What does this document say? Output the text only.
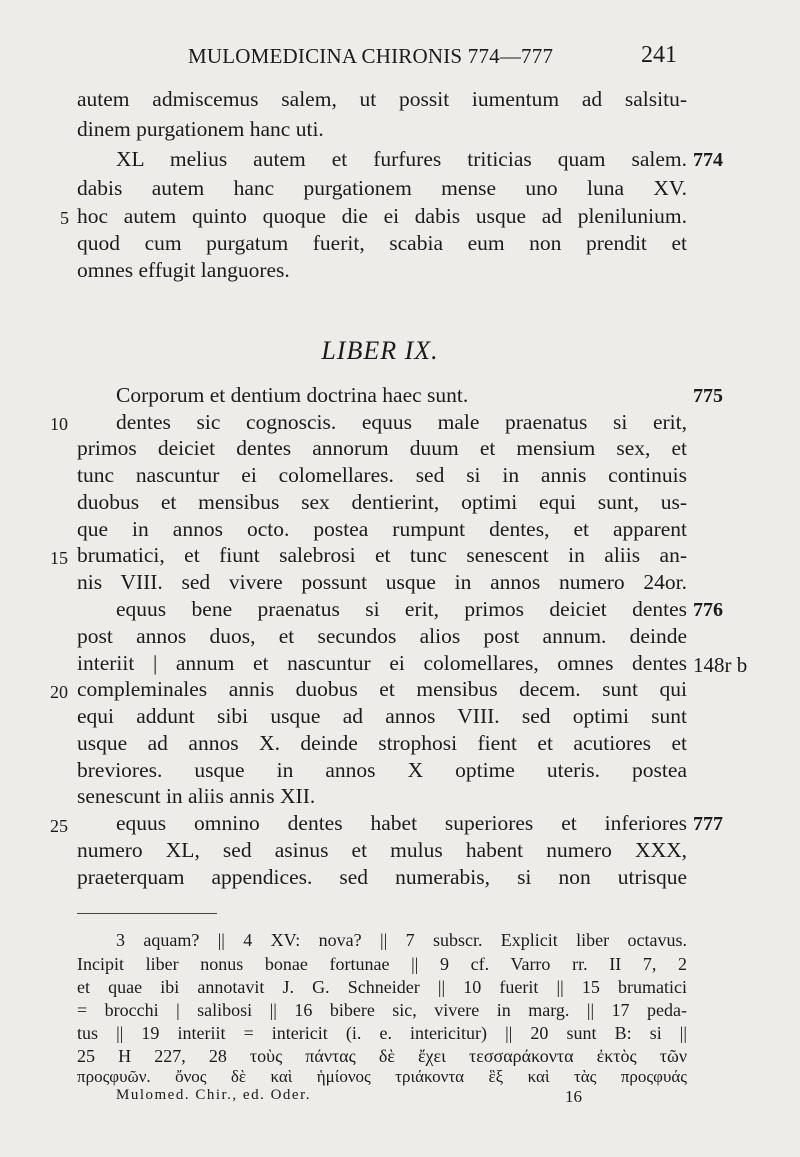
MULOMEDICINA CHIRONIS 774—777	241
autem admiscemus salem, ut possit iumentum ad salsitu-
dinem purgationem hanc uti.
XL melius autem et furfures triticias quam salem.
dabis autem hanc purgationem mense uno luna XV.
hoc autem quinto quoque die ei dabis usque ad plenilunium.
quod cum purgatum fuerit, scabia eum non prendit et
omnes effugit languores.
LIBER IX.
Corporum et dentium doctrina haec sunt.
dentes sic cognoscis. equus male praenatus si erit,
primos deiciet dentes annorum duum et mensium sex, et
tunc nascuntur ei colomellares. sed si in annis continuis
duobus et mensibus sex dentierint, optimi equi sunt, us-
que in annos octo. postea rumpunt dentes, et apparent
brumatici, et fiunt salebrosi et tunc senescent in aliis an-
nis VIII. sed vivere possunt usque in annos numero 24or.
equus bene praenatus si erit, primos deiciet dentes
post annos duos, et secundos alios post annum. deinde
interiit | annum et nascuntur ei colomellares, omnes dentes
compleminales annis duobus et mensibus decem. sunt qui
equi addunt sibi usque ad annos VIII. sed optimi sunt
usque ad annos X. deinde strophosi fient et acutiores et
breviores. usque in annos X optime uteris. postea
senescunt in aliis annis XII.
equus omnino dentes habet superiores et inferiores
numero XL, sed asinus et mulus habent numero XXX,
praeterquam appendices. sed numerabis, si non utrisque
5
10
15
20
25
774
775
776
148r b
777
3 aquam? || 4 XV: nova? || 7 subscr. Explicit liber octavus.
Incipit liber nonus bonae fortunae || 9 cf. Varro rr. II 7, 2
et quae ibi annotavit J. G. Schneider || 10 fuerit || 15 brumatici
= brocchi | salibosi || 16 bibere sic, vivere in marg. || 17 peda-
tus || 19 interiit = intericit (i. e. intericitur) || 20 sunt B: si ||
25 H 227, 28 τοὺς πάντας δὲ ἔχει τεσσαράκοντα ἐκτὸς τῶν
προςφυῶν. ὄνος δὲ καὶ ἡμίονος τριάκοντα ἓξ καὶ τὰς προςφυάς
Mulomed. Chir., ed. Oder.	16
